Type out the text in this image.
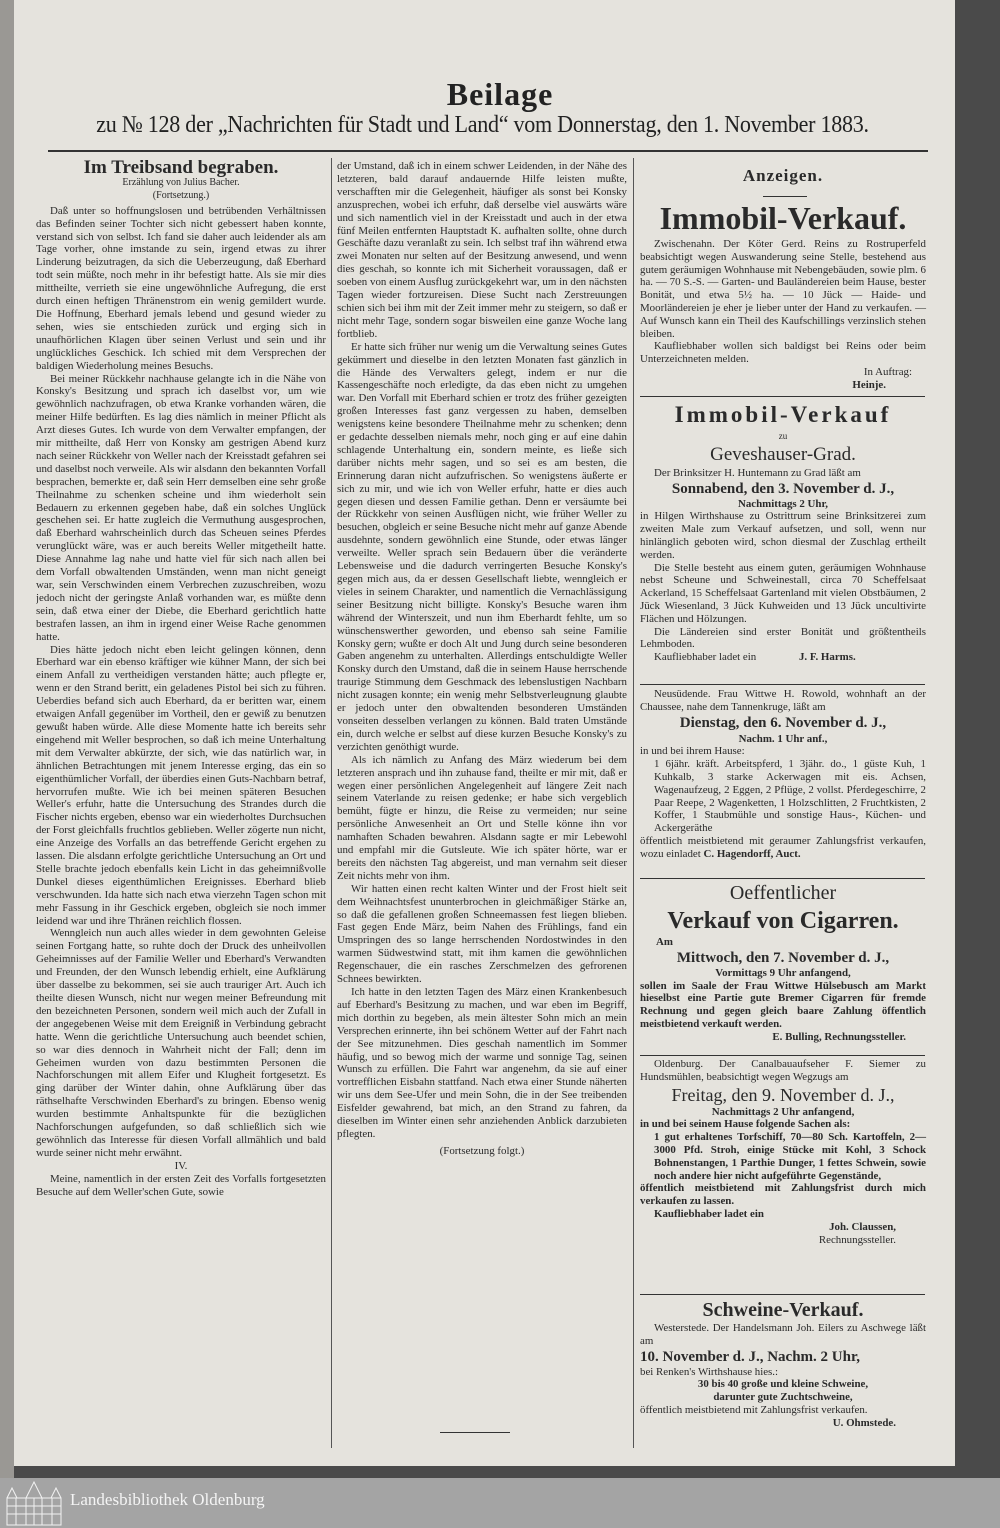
Beilage
zu № 128 der „Nachrichten für Stadt und Land“ vom Donnerstag, den 1. November 1883.
Im Treibsand begraben.
Erzählung von Julius Bacher.
(Fortsetzung.)

Daß unter so hoffnungslosen und betrübenden Verhältnissen das Befinden seiner Tochter sich nicht gebessert haben konnte, verstand sich von selbst. Ich fand sie daher auch leidender als am Tage vorher, ohne imstande zu sein, irgend etwas zu ihrer Linderung beizutragen, da sich die Ueberzeugung, daß Eberhard todt sein müßte, noch mehr in ihr befestigt hatte. Als sie mir dies mittheilte, verrieth sie eine ungewöhnliche Aufregung, die erst durch einen heftigen Thränenstrom ein wenig gemildert wurde. Die Hoffnung, Eberhard jemals lebend und gesund wieder zu sehen, wies sie entschieden zurück und erging sich in unaufhörlichen Klagen über seinen Verlust und sein und ihr unglückliches Geschick. Ich schied mit dem Versprechen der baldigen Wiederholung meines Besuchs.

Bei meiner Rückkehr nachhause gelangte ich in die Nähe von Konsky's Besitzung und sprach ich daselbst vor, um wie gewöhnlich nachzufragen, ob etwa Kranke vorhanden wären, die meiner Hilfe bedürften. Es lag dies nämlich in meiner Pflicht als Arzt dieses Gutes. Ich wurde von dem Verwalter empfangen, der mir mittheilte, daß Herr von Konsky am gestrigen Abend kurz nach seiner Rückkehr von Weller nach der Kreisstadt gefahren sei und daselbst noch verweile. Als wir alsdann den bekannten Vorfall besprachen, bemerkte er, daß sein Herr demselben eine sehr große Theilnahme zu schenken scheine und ihm wiederholt sein Bedauern zu erkennen gegeben habe, daß ein solches Unglück geschehen sei. Er hatte zugleich die Vermuthung ausgesprochen, daß Eberhard wahrscheinlich durch das Scheuen seines Pferdes verunglückt wäre, was er auch bereits Weller mitgetheilt hatte. Diese Annahme lag nahe und hatte viel für sich nach allen bei dem Vorfall obwaltenden Umständen, wenn man nicht geneigt war, sein Verschwinden einem Verbrechen zuzuschreiben, wozu jedoch nicht der geringste Anlaß vorhanden war, es müßte denn sein, daß etwa einer der Diebe, die Eberhard gerichtlich hatte bestrafen lassen, an ihm in irgend einer Weise Rache genommen hatte.

Dies hätte jedoch nicht eben leicht gelingen können, denn Eberhard war ein ebenso kräftiger wie kühner Mann, der sich bei einem Anfall zu vertheidigen verstanden hätte; auch pflegte er, wenn er den Strand beritt, ein geladenes Pistol bei sich zu führen. Ueberdies befand sich auch Eberhard, da er beritten war, einem etwaigen Anfall gegenüber im Vortheil, den er gewiß zu benutzen gewußt haben würde. Alle diese Momente hatte ich bereits sehr eingehend mit Weller besprochen, so daß ich meine Unterhaltung mit dem Verwalter abkürzte, der sich, wie das natürlich war, in ähnlichen Betrachtungen mit jenem Interesse erging, das ein so eigenthümlicher Vorfall, der überdies einen Guts-Nachbarn betraf, hervorrufen mußte. Wie ich bei meinen späteren Besuchen Weller's erfuhr, hatte die Untersuchung des Strandes durch die Fischer nichts ergeben, ebenso war ein wiederholtes Durchsuchen der Forst gleichfalls fruchtlos geblieben. Weller zögerte nun nicht, eine Anzeige des Vorfalls an das betreffende Gericht ergehen zu lassen. Die alsdann erfolgte gerichtliche Untersuchung an Ort und Stelle brachte jedoch ebenfalls kein Licht in das geheimnißvolle Dunkel dieses eigenthümlichen Ereignisses. Eberhard blieb verschwunden. Ida hatte sich nach etwa vierzehn Tagen schon mit mehr Fassung in ihr Geschick ergeben, obgleich sie noch immer leidend war und ihre Thränen reichlich flossen.

Wenngleich nun auch alles wieder in dem gewohnten Geleise seinen Fortgang hatte, so ruhte doch der Druck des unheilvollen Geheimnisses auf der Familie Weller und Eberhard's Verwandten und Freunden, der den Wunsch lebendig erhielt, eine Aufklärung über dasselbe zu bekommen, sei sie auch trauriger Art. Auch ich theilte diesen Wunsch, nicht nur wegen meiner Befreundung mit den bezeichneten Personen, sondern weil mich auch der Zufall in der angegebenen Weise mit dem Ereigniß in Verbindung gebracht hatte. Wenn die gerichtliche Untersuchung auch beendet schien, so war dies dennoch in Wahrheit nicht der Fall; denn im Geheimen wurden von dazu bestimmten Personen die Nachforschungen mit allem Eifer und Klugheit fortgesetzt. Es ging darüber der Winter dahin, ohne Aufklärung über das räthselhafte Verschwinden Eberhard's zu bringen. Ebenso wenig wurden bestimmte Anhaltspunkte für die bezüglichen Nachforschungen aufgefunden, so daß schließlich sich wie gewöhnlich das Interesse für diesen Vorfall allmählich und bald wurde seiner nicht mehr erwähnt.

IV.

Meine, namentlich in der ersten Zeit des Vorfalls fortgesetzten Besuche auf dem Weller'schen Gute, sowie

der Umstand, daß ich in einem schwer Leidenden, in der Nähe des letzteren, bald darauf andauernde Hilfe leisten mußte, verschafften mir die Gelegenheit, häufiger als sonst bei Konsky anzusprechen, wobei ich erfuhr, daß derselbe viel auswärts wäre und sich namentlich viel in der Kreisstadt und auch in der etwa fünf Meilen entfernten Hauptstadt K. aufhalten sollte, ohne durch Geschäfte dazu veranlaßt zu sein. Ich selbst traf ihn während etwa zwei Monaten nur selten auf der Besitzung anwesend, und wenn dies geschah, so konnte ich mit Sicherheit voraussagen, daß er soeben von einem Ausflug zurückgekehrt war, um in den nächsten Tagen wieder fortzureisen. Diese Sucht nach Zerstreuungen schien sich bei ihm mit der Zeit immer mehr zu steigern, so daß er nicht mehr Tage, sondern sogar bisweilen eine ganze Woche lang fortblieb.

Er hatte sich früher nur wenig um die Verwaltung seines Gutes gekümmert und dieselbe in den letzten Monaten fast gänzlich in die Hände des Verwalters gelegt, indem er nur die Kassengeschäfte noch erledigte, da das eben nicht zu umgehen war. Den Vorfall mit Eberhard schien er trotz des früher gezeigten großen Interesses fast ganz vergessen zu haben, demselben wenigstens keine besondere Theilnahme mehr zu schenken; denn er gedachte desselben niemals mehr, noch ging er auf eine dahin schlagende Unterhaltung ein, sondern meinte, es ließe sich darüber nichts mehr sagen, und so sei es am besten, die Erinnerung daran nicht aufzufrischen. So wenigstens äußerte er sich zu mir, und wie ich von Weller erfuhr, hatte er dies auch gegen diesen und dessen Familie gethan. Denn er versäumte bei der Rückkehr von seinen Ausflügen nicht, wie früher Weller zu besuchen, obgleich er seine Besuche nicht mehr auf ganze Abende ausdehnte, sondern gewöhnlich eine Stunde, oder etwas länger verweilte. Weller sprach sein Bedauern über die veränderte Lebensweise und die dadurch verringerten Besuche Konsky's gegen mich aus, da er dessen Gesellschaft liebte, wenngleich er vieles in seinem Charakter, und namentlich die Vernachlässigung seiner Besitzung nicht billigte. Konsky's Besuche waren ihm während der Winterszeit, und nun ihm Eberhardt fehlte, um so wünschenswerther geworden, und ebenso sah seine Familie Konsky gern; wußte er doch Alt und Jung durch seine besonderen Gaben angenehm zu unterhalten. Allerdings entschuldigte Weller Konsky durch den Umstand, daß die in seinem Hause herrschende traurige Stimmung dem Geschmack des lebenslustigen Nachbarn nicht zusagen konnte; ein wenig mehr Selbstverleugnung glaubte er jedoch unter den obwaltenden besonderen Umständen vonseiten desselben verlangen zu können. Bald traten Umstände ein, durch welche er selbst auf diese kurzen Besuche Konsky's zu verzichten genöthigt wurde.

Als ich nämlich zu Anfang des März wiederum bei dem letzteren ansprach und ihn zuhause fand, theilte er mir mit, daß er wegen einer persönlichen Angelegenheit auf längere Zeit nach seinem Vaterlande zu reisen gedenke; er habe sich vergeblich bemüht, fügte er hinzu, die Reise zu vermeiden; nur seine persönliche Anwesenheit an Ort und Stelle könne ihn vor namhaften Schaden bewahren. Alsdann sagte er mir Lebewohl und empfahl mir die Gutsleute. Wie ich später hörte, war er bereits den nächsten Tag abgereist, und man vernahm seit dieser Zeit nichts mehr von ihm.

Wir hatten einen recht kalten Winter und der Frost hielt seit dem Weihnachtsfest ununterbrochen in gleichmäßiger Stärke an, so daß die gefallenen großen Schneemassen fest liegen blieben. Fast gegen Ende März, beim Nahen des Frühlings, fand ein Umspringen des so lange herrschenden Nordostwindes in den warmen Südwestwind statt, mit ihm kamen die gewöhnlichen Regenschauer, die ein rasches Zerschmelzen des gefrorenen Schnees bewirkten.

Ich hatte in den letzten Tagen des März einen Krankenbesuch auf Eberhard's Besitzung zu machen, und war eben im Begriff, mich dorthin zu begeben, als mein ältester Sohn mich an mein Versprechen erinnerte, ihn bei schönem Wetter auf der Fahrt nach der See mitzunehmen. Dies geschah namentlich im Sommer häufig, und so bewog mich der warme und sonnige Tag, seinen Wunsch zu erfüllen. Die Fahrt war angenehm, da sie auf einer vortrefflichen Eisbahn stattfand. Nach etwa einer Stunde näherten wir uns dem See-Ufer und mein Sohn, die in der See treibenden Eisfelder gewahrend, bat mich, an den Strand zu fahren, da dieselben im Winter einen sehr anziehenden Anblick darzubieten pflegten.

(Fortsetzung folgt.)

Anzeigen.
Immobil-Verkauf.

Zwischenahn. Der Köter Gerd. Reins zu Rostruperfeld beabsichtigt wegen Auswanderung seine Stelle, bestehend aus gutem geräumigen Wohnhause mit Nebengebäuden, sowie plm. 6 ha. — 70 S.-S. — Garten- und Bauländereien beim Hause, bester Bonität, und etwa 5½ ha. — 10 Jück — Haide- und Moorländereien je eher je lieber unter der Hand zu verkaufen. — Auf Wunsch kann ein Theil des Kaufschillings verzinslich stehen bleiben.

Kaufliebhaber wollen sich baldigst bei Reins oder beim Unterzeichneten melden.

In Auftrag:

Heinje.

Immobil-Verkauf
zu
Geveshauser-Grad.

Der Brinksitzer H. Huntemann zu Grad läßt am

Sonnabend, den 3. November d. J.,
Nachmittags 2 Uhr,

in Hilgen Wirthshause zu Ostrittrum seine Brinksitzerei zum zweiten Male zum Verkauf aufsetzen, und soll, wenn nur hinlänglich geboten wird, schon diesmal der Zuschlag ertheilt werden.

Die Stelle besteht aus einem guten, geräumigen Wohnhause nebst Scheune und Schweinestall, circa 70 Scheffelsaat Ackerland, 15 Scheffelsaat Gartenland mit vielen Obstbäumen, 2 Jück Wiesenland, 3 Jück Kuhweiden und 13 Jück uncultivirte Flächen und Hölzungen.

Die Ländereien sind erster Bonität und größtentheils Lehmboden.

Kaufliebhaber ladet ein	J. F. Harms.

Neusüdende. Frau Wittwe H. Rowold, wohnhaft an der Chaussee, nahe dem Tannenkruge, läßt am

Dienstag, den 6. November d. J.,
Nachm. 1 Uhr anf.,

in und bei ihrem Hause:

1 6jähr. kräft. Arbeitspferd, 1 3jähr. do., 1 güste Kuh, 1 Kuhkalb, 3 starke Ackerwagen mit eis. Achsen, Wagenaufzeug, 2 Eggen, 2 Pflüge, 2 vollst. Pferdegeschirre, 2 Paar Reepe, 2 Wagenketten, 1 Holzschlitten, 2 Fruchtkisten, 2 Koffer, 1 Staubmühle und sonstige Haus-, Küchen- und Ackergeräthe

öffentlich meistbietend mit geraumer Zahlungsfrist verkaufen, wozu einladet C. Hagendorff, Auct.

Oeffentlicher
Verkauf von Cigarren.

Am

Mittwoch, den 7. November d. J.,
Vormittags 9 Uhr anfangend,

sollen im Saale der Frau Wittwe Hülsebusch am Markt hieselbst eine Partie gute Bremer Cigarren für fremde Rechnung und gegen gleich baare Zahlung öffentlich meistbietend verkauft werden.

E. Bulling, Rechnungssteller.

Oldenburg. Der Canalbauaufseher F. Siemer zu Hundsmühlen, beabsichtigt wegen Wegzugs am

Freitag, den 9. November d. J.,
Nachmittags 2 Uhr anfangend,

in und bei seinem Hause folgende Sachen als:

1 gut erhaltenes Torfschiff, 70—80 Sch. Kartoffeln, 2—3000 Pfd. Stroh, einige Stücke mit Kohl, 3 Schock Bohnenstangen, 1 Parthie Dunger, 1 fettes Schwein, sowie noch andere hier nicht aufgeführte Gegenstände,

öffentlich meistbietend mit Zahlungsfrist durch mich verkaufen zu lassen.

Kaufliebhaber ladet ein

Joh. Claussen,

Rechnungssteller.

Schweine-Verkauf.

Westerstede. Der Handelsmann Joh. Eilers zu Aschwege läßt am

10. November d. J., Nachm. 2 Uhr,

bei Renken's Wirthshause hies.:

30 bis 40 große und kleine Schweine,
darunter gute Zuchtschweine,

öffentlich meistbietend mit Zahlungsfrist verkaufen.

U. Ohmstede.

Landesbibliothek Oldenburg
